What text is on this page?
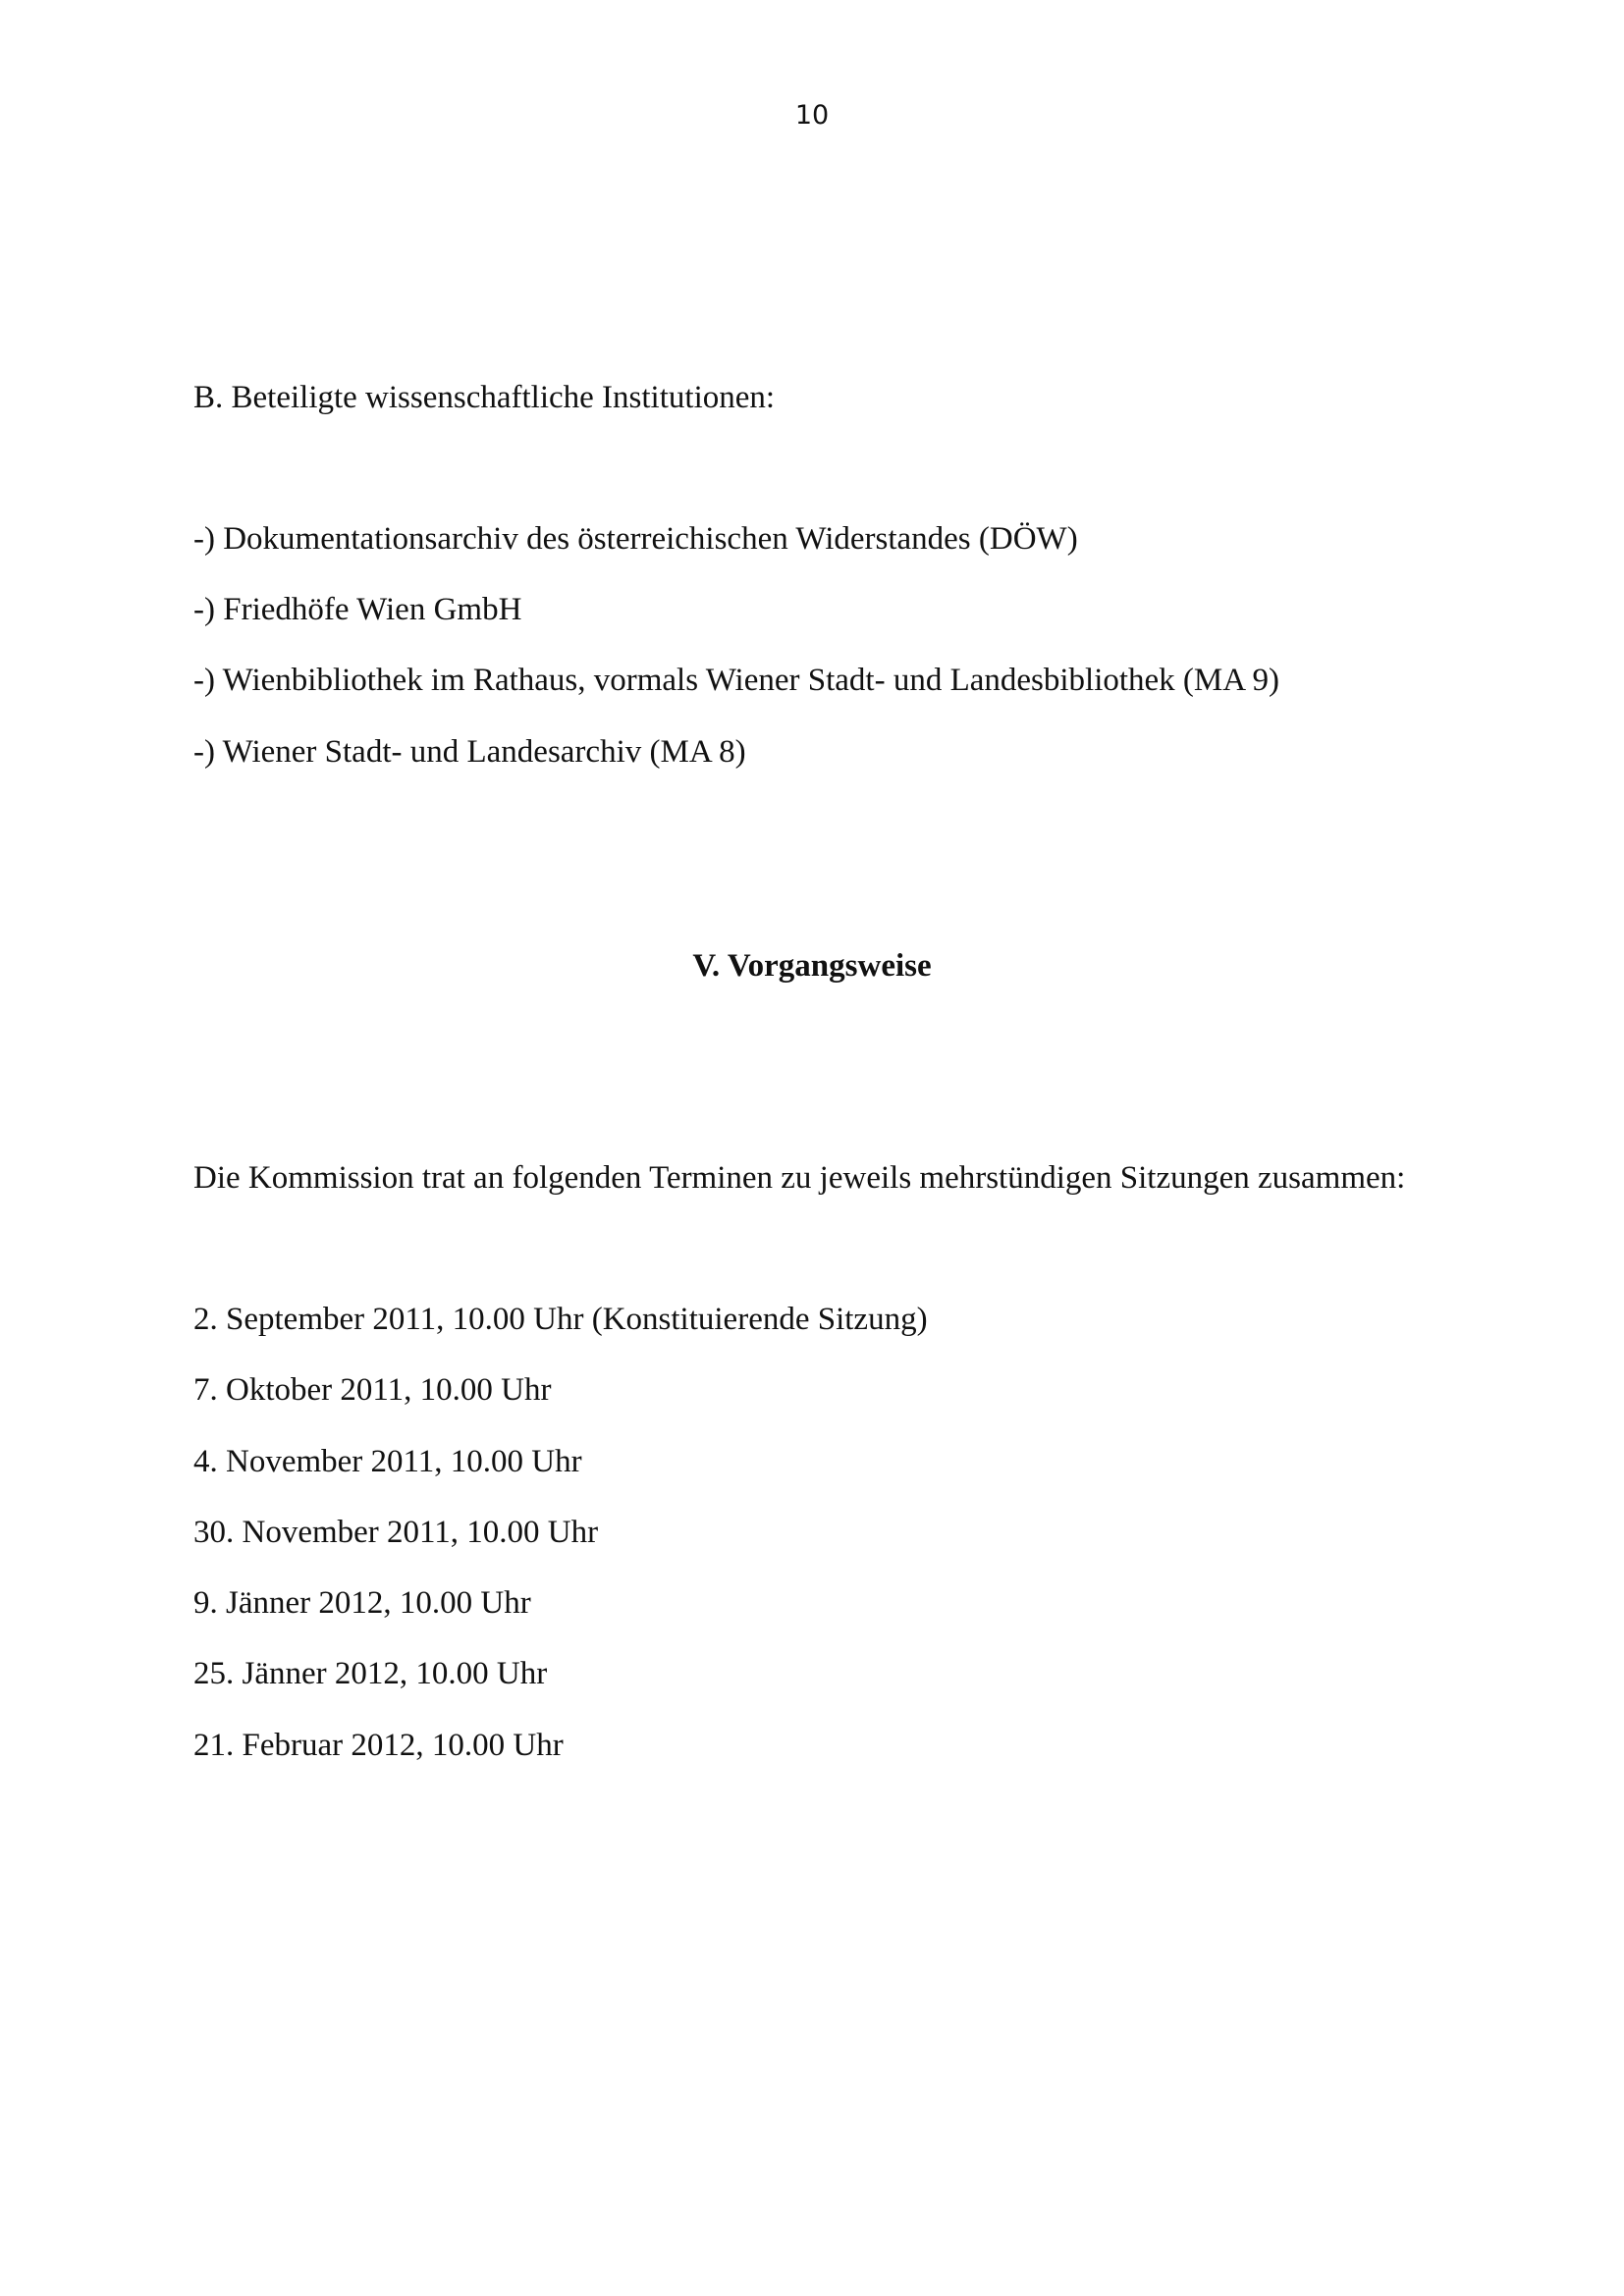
10
B. Beteiligte wissenschaftliche Institutionen:
-) Dokumentationsarchiv des österreichischen Widerstandes (DÖW)
-) Friedhöfe Wien GmbH
-) Wienbibliothek im Rathaus, vormals Wiener Stadt- und Landesbibliothek (MA 9)
-) Wiener Stadt- und Landesarchiv (MA 8)
V. Vorgangsweise
Die Kommission trat an folgenden Terminen zu jeweils mehrstündigen Sitzungen zusammen:
2. September 2011, 10.00 Uhr (Konstituierende Sitzung)
7. Oktober 2011, 10.00 Uhr
4. November 2011, 10.00 Uhr
30. November 2011, 10.00 Uhr
9. Jänner 2012, 10.00 Uhr
25. Jänner 2012, 10.00 Uhr
21. Februar 2012, 10.00 Uhr
